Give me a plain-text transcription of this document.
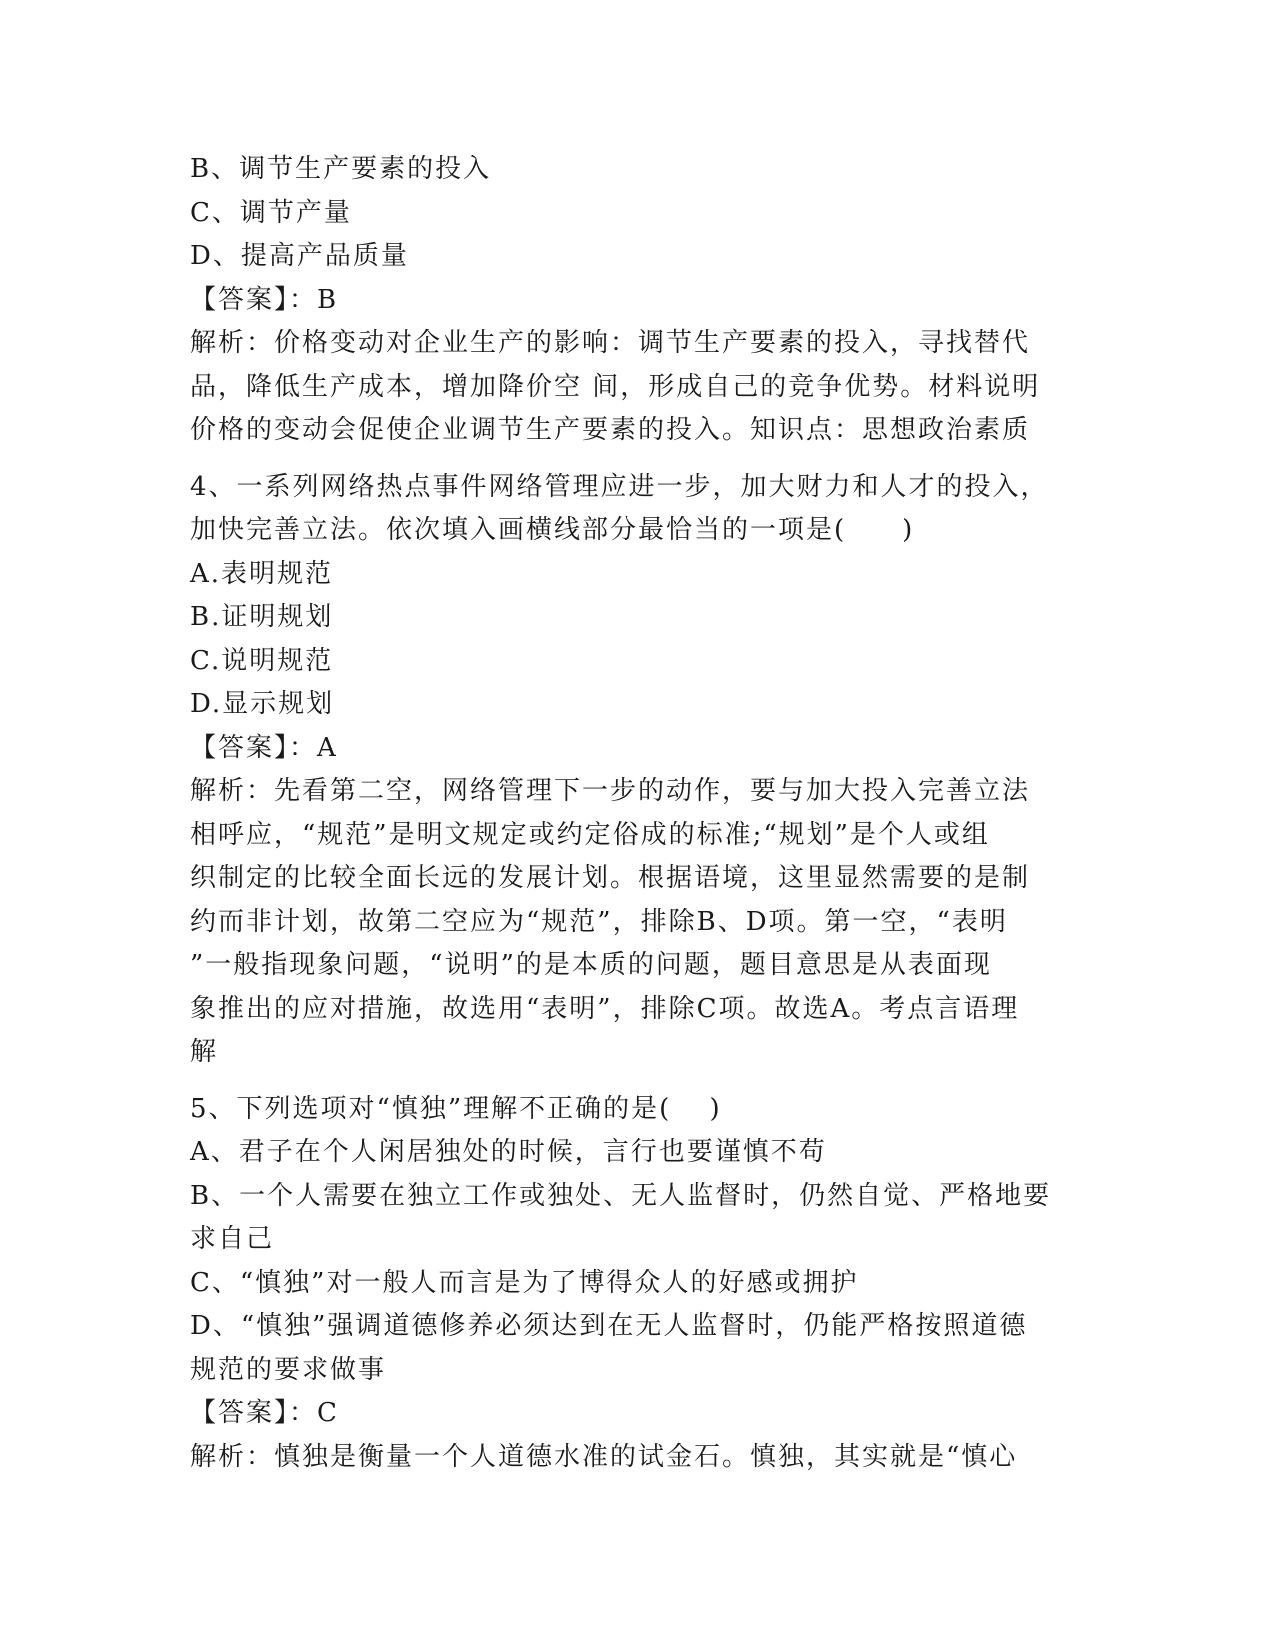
B、调节生产要素的投入
C、调节产量
D、提高产品质量
【答案】：B
解析：价格变动对企业生产的影响：调节生产要素的投入，寻找替代
品，降低生产成本，增加降价空 间，形成自己的竞争优势。材料说明
价格的变动会促使企业调节生产要素的投入。知识点：思想政治素质
4、一系列网络热点事件网络管理应进一步，加大财力和人才的投入，
加快完善立法。依次填入画横线部分最恰当的一项是(　　)
A.表明规范
B.证明规划
C.说明规范
D.显示规划
【答案】：A
解析：先看第二空，网络管理下一步的动作，要与加大投入完善立法
相呼应，“规范”是明文规定或约定俗成的标准;“规划”是个人或组
织制定的比较全面长远的发展计划。根据语境，这里显然需要的是制
约而非计划，故第二空应为“规范”，排除B、D项。第一空，“表明
”一般指现象问题，“说明”的是本质的问题，题目意思是从表面现
象推出的应对措施，故选用“表明”，排除C项。故选A。考点言语理
解
5、下列选项对“慎独”理解不正确的是(　 )
A、君子在个人闲居独处的时候，言行也要谨慎不苟
B、一个人需要在独立工作或独处、无人监督时，仍然自觉、严格地要
求自己
C、“慎独”对一般人而言是为了博得众人的好感或拥护
D、“慎独”强调道德修养必须达到在无人监督时，仍能严格按照道德
规范的要求做事
【答案】：C
解析：慎独是衡量一个人道德水准的试金石。慎独，其实就是“慎心
